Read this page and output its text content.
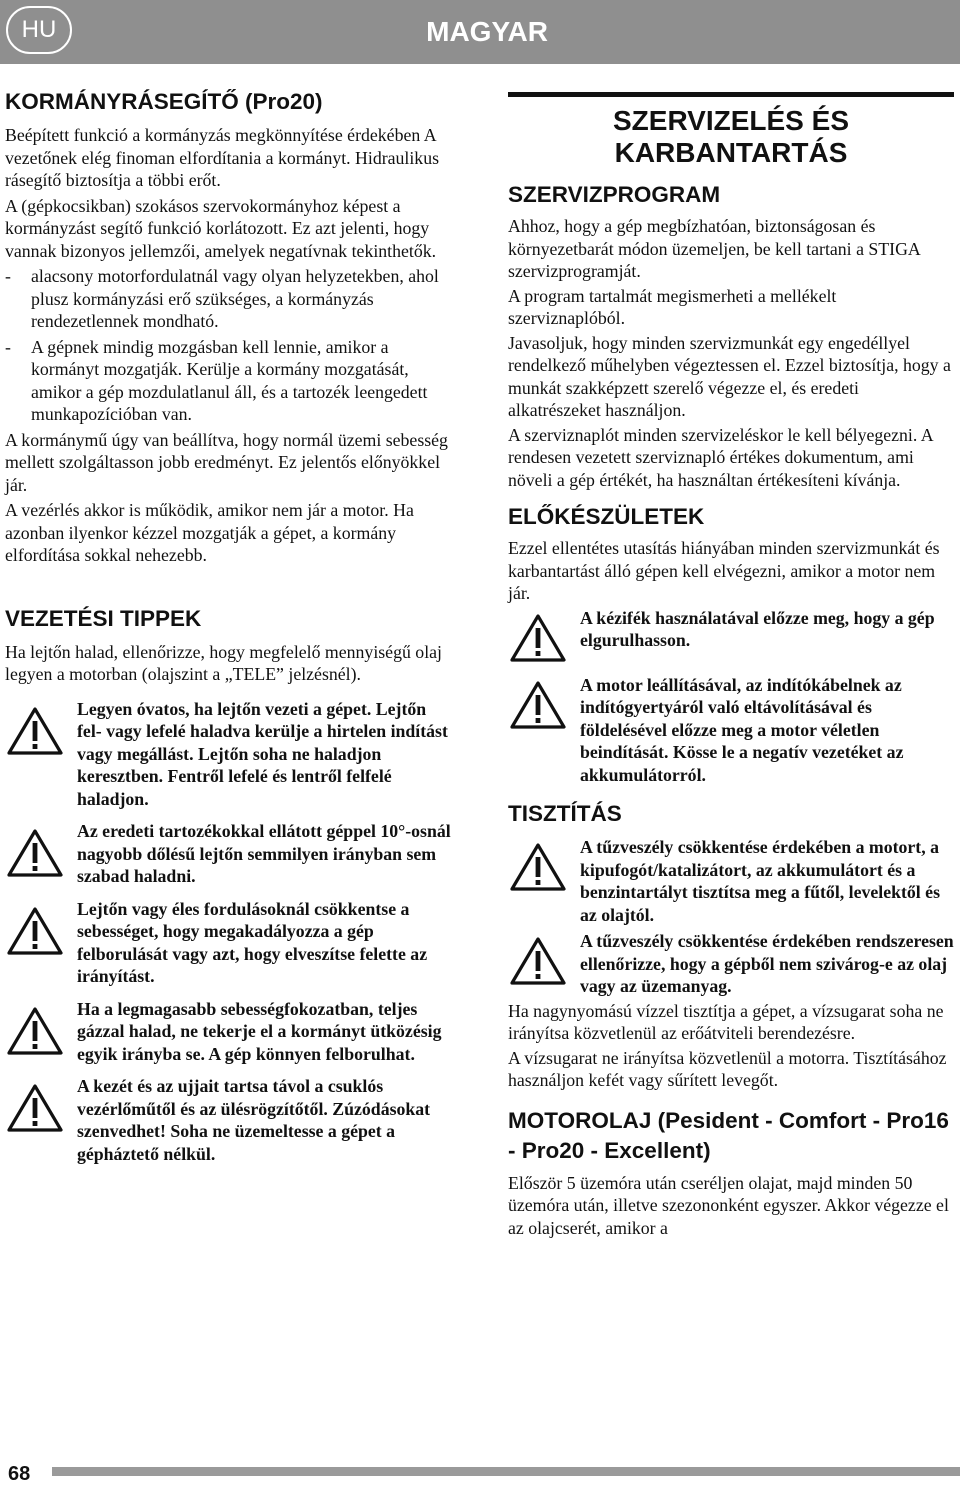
HU	MAGYAR
KORMÁNYRÁSEGÍTŐ (Pro20)

Beépített funkció a kormányzás megkönnyítése érdekében A vezetőnek elég finoman elfordítania a kormányt. Hidraulikus rásegítő biztosítja a többi erőt.

A (gépkocsikban) szokásos szervokormányhoz képest a kormányzást segítő funkció korlátozott. Ez azt jelenti, hogy vannak bizonyos jellemzői, amelyek negatívnak tekinthetők.

- alacsony motorfordulatnál vagy olyan helyzetekben, ahol plusz kormányzási erő szükséges, a kormányzás rendezetlennek mondható.
- A gépnek mindig mozgásban kell lennie, amikor a kormányt mozgatják. Kerülje a kormány mozgatását, amikor a gép mozdulatlanul áll, és a tartozék leengedett munkapozícióban van.

A kormánymű úgy van beállítva, hogy normál üzemi sebesség mellett szolgáltasson jobb eredményt. Ez jelentős előnyökkel jár.

A vezérlés akkor is működik, amikor nem jár a motor. Ha azonban ilyenkor kézzel mozgatják a gépet, a kormány elfordítása sokkal nehezebb.

VEZETÉSI TIPPEK

Ha lejtőn halad, ellenőrizze, hogy megfelelő mennyiségű olaj legyen a motorban (olajszint a „TELE” jelzésnél).

Legyen óvatos, ha lejtőn vezeti a gépet. Lejtőn fel- vagy lefelé haladva kerülje a hirtelen indítást vagy megállást. Lejtőn soha ne haladjon keresztben. Fentről lefelé és lentről felfelé haladjon.
Az eredeti tartozékokkal ellátott géppel 10°-osnál nagyobb dőlésű lejtőn semmilyen irányban sem szabad haladni.
Lejtőn vagy éles fordulásoknál csökkentse a sebességet, hogy megakadályozza a gép felborulását vagy azt, hogy elveszítse felette az irányítást.
Ha a legmagasabb sebességfokozatban, teljes gázzal halad, ne tekerje el a kormányt ütközésig egyik irányba se. A gép könnyen felborulhat.
A kezét és az ujjait tartsa távol a csuklós vezérlőműtől és az ülésrögzítőtől. Zúzódásokat szenvedhet! Soha ne üzemeltesse a gépet a gépháztető nélkül.
SZERVIZELÉS ÉS
KARBANTARTÁS
SZERVIZPROGRAM

Ahhoz, hogy a gép megbízhatóan, biztonságosan és környezetbarát módon üzemeljen, be kell tartani a STIGA szervizprogramját.

A program tartalmát megismerheti a mellékelt szerviznaplóból.

Javasoljuk, hogy minden szervizmunkát egy engedéllyel rendelkező műhelyben végeztessen el. Ezzel biztosítja, hogy a munkát szakképzett szerelő végezze el, és eredeti alkatrészeket használjon.

A szerviznaplót minden szervizeléskor le kell bélyegezni. A rendesen vezetett szerviznapló értékes dokumentum, ami növeli a gép értékét, ha használtan értékesíteni kívánja.

ELŐKÉSZÜLETEK

Ezzel ellentétes utasítás hiányában minden szervizmunkát és karbantartást álló gépen kell elvégezni, amikor a motor nem jár.

A kézifék használatával előzze meg, hogy a gép elgurulhasson.
A motor leállításával, az indítókábelnek az indítógyertyáról való eltávolításával és földelésével előzze meg a motor véletlen beindítását. Kösse le a negatív vezetéket az akkumulátorról.
TISZTÍTÁS
A tűzveszély csökkentése érdekében a motort, a kipufogót/katalizátort, az akkumulátort és a benzintartályt tisztítsa meg a fűtől, levelektől és az olajtól.
A tűzveszély csökkentése érdekében rendszeresen ellenőrizze, hogy a gépből nem szivárog-e az olaj vagy az üzemanyag.

Ha nagynyomású vízzel tisztítja a gépet, a vízsugarat soha ne irányítsa közvetlenül az erőátviteli berendezésre.

A vízsugarat ne irányítsa közvetlenül a motorra. Tisztításához használjon kefét vagy sűrített levegőt.

MOTOROLAJ (Pesident - Comfort - Pro16 - Pro20 - Excellent)

Először 5 üzemóra után cseréljen olajat, majd minden 50 üzemóra után, illetve szezononként egyszer. Akkor végezze el az olajcserét, amikor a

68
